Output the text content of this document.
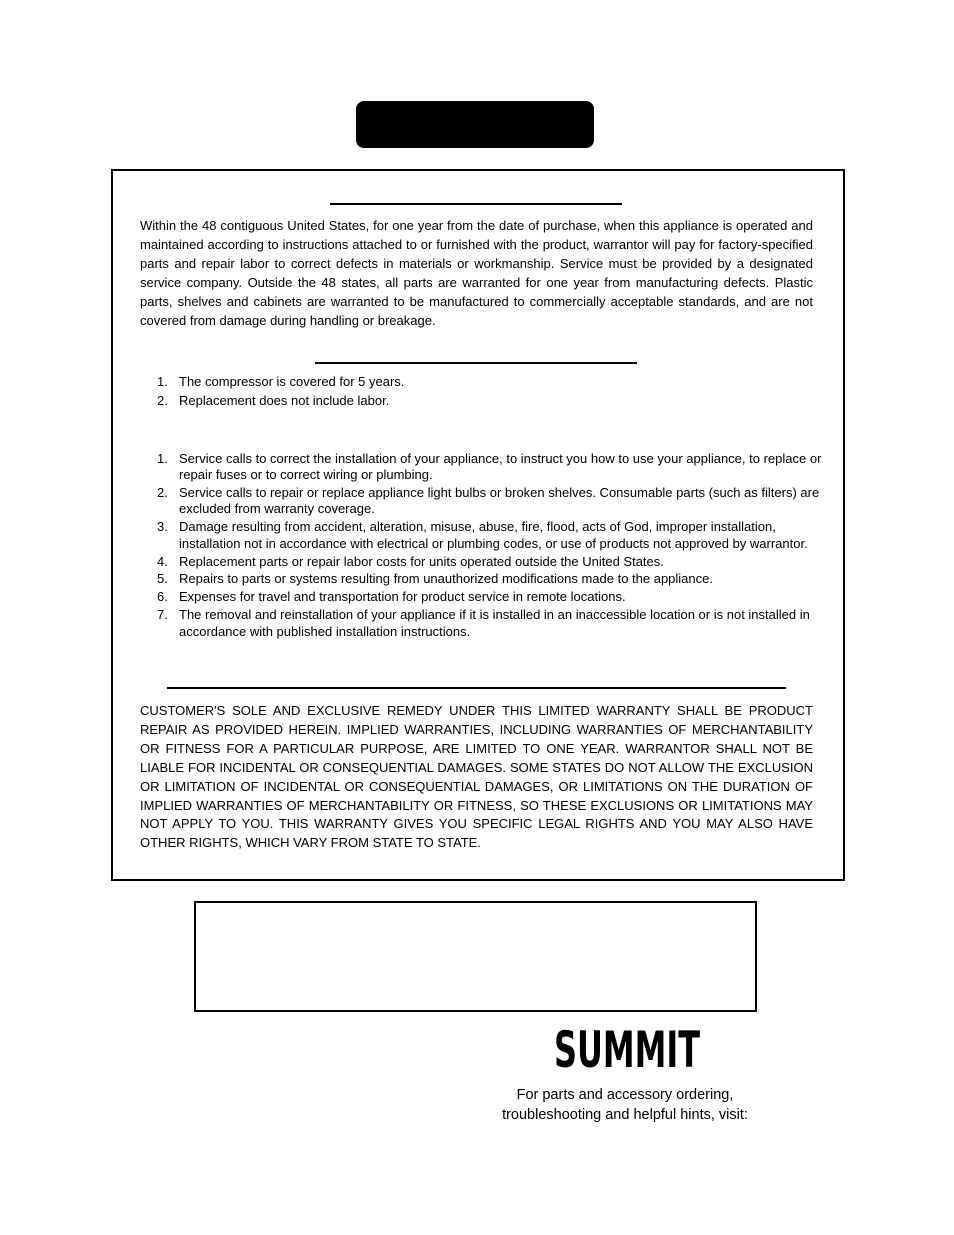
Within the 48 contiguous United States, for one year from the date of purchase, when this appliance is operated and maintained according to instructions attached to or furnished with the product, warrantor will pay for factory-specified parts and repair labor to correct defects in materials or workmanship. Service must be provided by a designated service company. Outside the 48 states, all parts are warranted for one year from manufacturing defects. Plastic parts, shelves and cabinets are warranted to be manufactured to commercially acceptable standards, and are not covered from damage during handling or breakage.

1. The compressor is covered for 5 years.
2. Replacement does not include labor.
1. Service calls to correct the installation of your appliance, to instruct you how to use your appliance, to replace or repair fuses or to correct wiring or plumbing.
2. Service calls to repair or replace appliance light bulbs or broken shelves. Consumable parts (such as filters) are excluded from warranty coverage.
3. Damage resulting from accident, alteration, misuse, abuse, fire, flood, acts of God, improper installation, installation not in accordance with electrical or plumbing codes, or use of products not approved by warrantor.
4. Replacement parts or repair labor costs for units operated outside the United States.
5. Repairs to parts or systems resulting from unauthorized modifications made to the appliance.
6. Expenses for travel and transportation for product service in remote locations.
7. The removal and reinstallation of your appliance if it is installed in an inaccessible location or is not installed in accordance with published installation instructions.

CUSTOMER'S SOLE AND EXCLUSIVE REMEDY UNDER THIS LIMITED WARRANTY SHALL BE PRODUCT REPAIR AS PROVIDED HEREIN. IMPLIED WARRANTIES, INCLUDING WARRANTIES OF MERCHANTABILITY OR FITNESS FOR A PARTICULAR PURPOSE, ARE LIMITED TO ONE YEAR. WARRANTOR SHALL NOT BE LIABLE FOR INCIDENTAL OR CONSEQUENTIAL DAMAGES. SOME STATES DO NOT ALLOW THE EXCLUSION OR LIMITATION OF INCIDENTAL OR CONSEQUENTIAL DAMAGES, OR LIMITATIONS ON THE DURATION OF IMPLIED WARRANTIES OF MERCHANTABILITY OR FITNESS, SO THESE EXCLUSIONS OR LIMITATIONS MAY NOT APPLY TO YOU. THIS WARRANTY GIVES YOU SPECIFIC LEGAL RIGHTS AND YOU MAY ALSO HAVE OTHER RIGHTS, WHICH VARY FROM STATE TO STATE.

SUMMIT

For parts and accessory ordering,
troubleshooting and helpful hints, visit:
